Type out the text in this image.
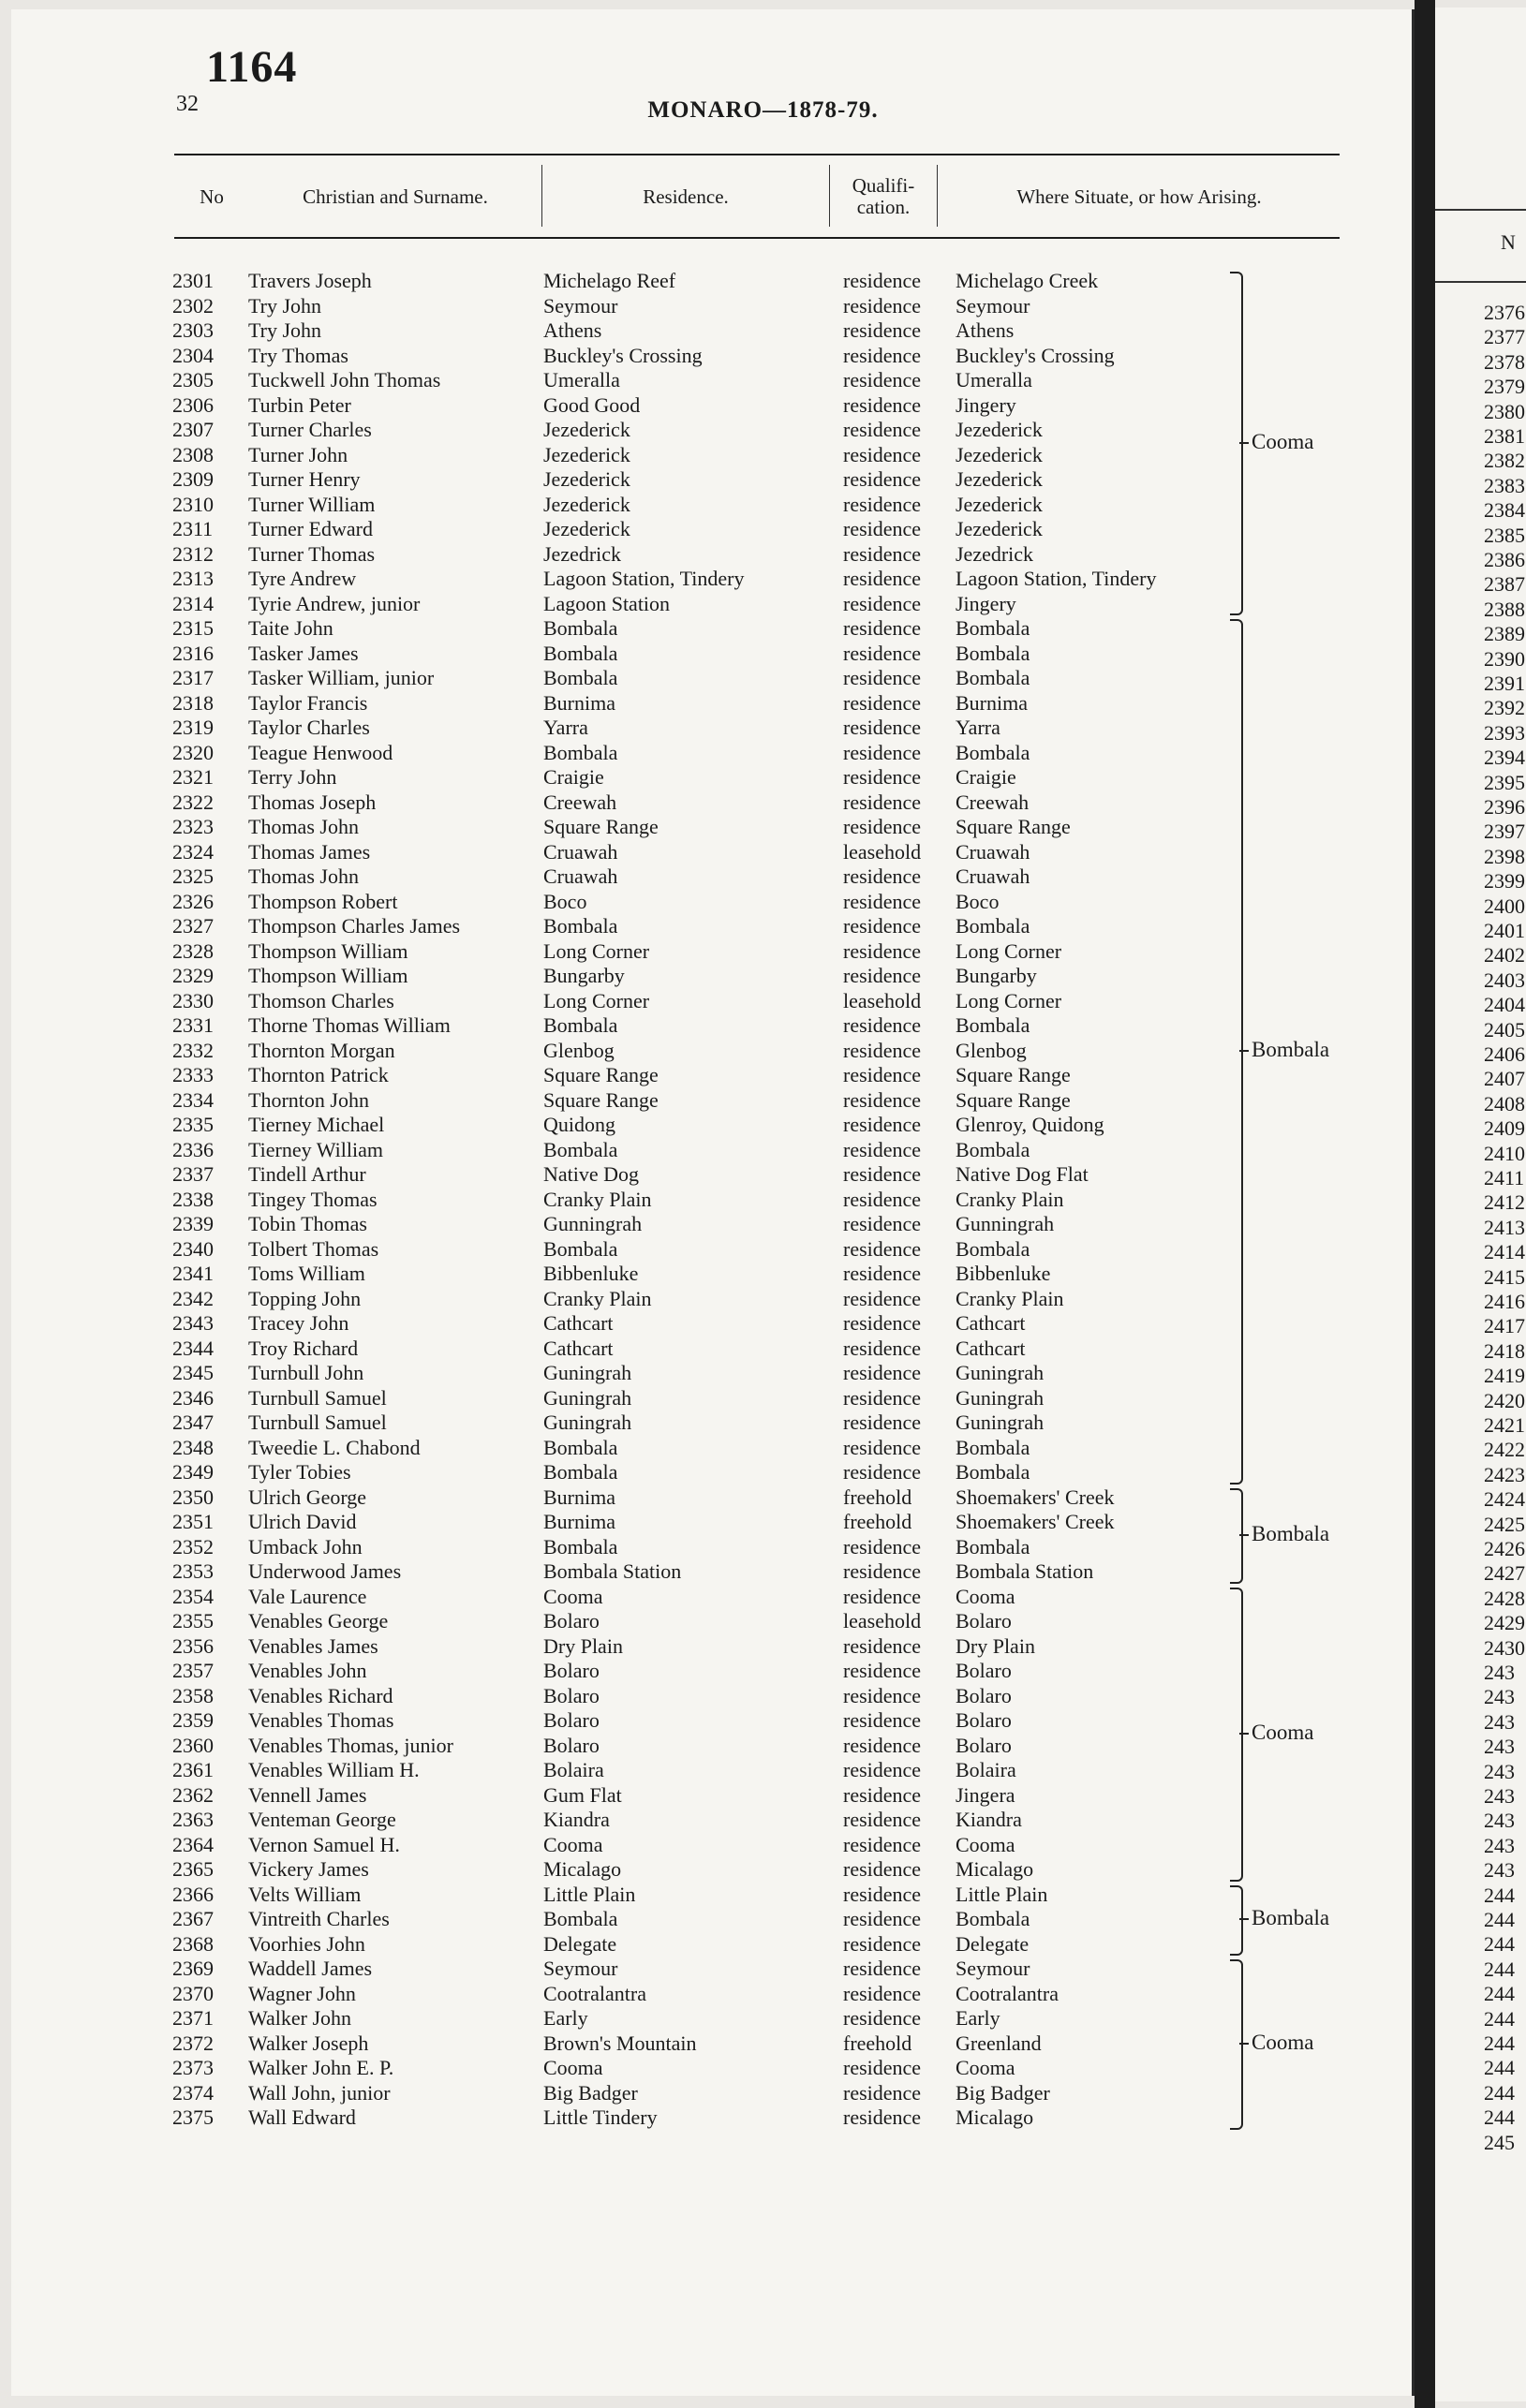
1164
32	MONARO—1878-79.
No	Christian and Surname.	Residence.	Qualifi-
cation.	Where Situate, or how Arising.
2301 Travers Joseph	Michelago Reef	residence Michelago Creek
2302 Try John	Seymour	residence Seymour
2303 Try John	Athens	residence Athens
2304 Try Thomas	Buckley's Crossing	residence Buckley's Crossing
2305 Tuckwell John Thomas	Umeralla	residence Umeralla
2306 Turbin Peter	Good Good	residence Jingery
2307 Turner Charles	Jezederick	residence Jezederick
2308 Turner John	Jezederick	residence Jezederick
2309 Turner Henry	Jezederick	residence Jezederick
2310 Turner William	Jezederick	residence Jezederick
2311 Turner Edward	Jezederick	residence Jezederick
2312 Turner Thomas	Jezedrick	residence Jezedrick
2313 Tyre Andrew	Lagoon Station, Tindery	residence Lagoon Station, Tindery
2314 Tyrie Andrew, junior	Lagoon Station	residence Jingery
2315 Taite John	Bombala	residence Bombala
2316 Tasker James	Bombala	residence Bombala
2317 Tasker William, junior	Bombala	residence Bombala
2318 Taylor Francis	Burnima	residence Burnima
2319 Taylor Charles	Yarra	residence Yarra
2320 Teague Henwood	Bombala	residence Bombala
2321 Terry John	Craigie	residence Craigie
2322 Thomas Joseph	Creewah	residence Creewah
2323 Thomas John	Square Range	residence Square Range
2324 Thomas James	Cruawah	leasehold Cruawah
2325 Thomas John	Cruawah	residence Cruawah
2326 Thompson Robert	Boco	residence Boco
2327 Thompson Charles James	Bombala	residence Bombala
2328 Thompson William	Long Corner	residence Long Corner
2329 Thompson William	Bungarby	residence Bungarby
2330 Thomson Charles	Long Corner	leasehold Long Corner
2331 Thorne Thomas William	Bombala	residence Bombala
2332 Thornton Morgan	Glenbog	residence Glenbog
2333 Thornton Patrick	Square Range	residence Square Range
2334 Thornton John	Square Range	residence Square Range
2335 Tierney Michael	Quidong	residence Glenroy, Quidong
2336 Tierney William	Bombala	residence Bombala
2337 Tindell Arthur	Native Dog	residence Native Dog Flat
2338 Tingey Thomas	Cranky Plain	residence Cranky Plain
2339 Tobin Thomas	Gunningrah	residence Gunningrah
2340 Tolbert Thomas	Bombala	residence Bombala
2341 Toms William	Bibbenluke	residence Bibbenluke
2342 Topping John	Cranky Plain	residence Cranky Plain
2343 Tracey John	Cathcart	residence Cathcart
2344 Troy Richard	Cathcart	residence Cathcart
2345 Turnbull John	Guningrah	residence Guningrah
2346 Turnbull Samuel	Guningrah	residence Guningrah
2347 Turnbull Samuel	Guningrah	residence Guningrah
2348 Tweedie L. Chabond	Bombala	residence Bombala
2349 Tyler Tobies	Bombala	residence Bombala
2350 Ulrich George	Burnima	freehold Shoemakers' Creek
2351 Ulrich David	Burnima	freehold Shoemakers' Creek
2352 Umback John	Bombala	residence Bombala
2353 Underwood James	Bombala Station	residence Bombala Station
2354 Vale Laurence	Cooma	residence Cooma
2355 Venables George	Bolaro	leasehold Bolaro
2356 Venables James	Dry Plain	residence Dry Plain
2357 Venables John	Bolaro	residence Bolaro
2358 Venables Richard	Bolaro	residence Bolaro
2359 Venables Thomas	Bolaro	residence Bolaro
2360 Venables Thomas, junior	Bolaro	residence Bolaro
2361 Venables William H.	Bolaira	residence Bolaira
2362 Vennell James	Gum Flat	residence Jingera
2363 Venteman George	Kiandra	residence Kiandra
2364 Vernon Samuel H.	Cooma	residence Cooma
2365 Vickery James	Micalago	residence Micalago
2366 Velts William	Little Plain	residence Little Plain
2367 Vintreith Charles	Bombala	residence Bombala
2368 Voorhies John	Delegate	residence Delegate
2369 Waddell James	Seymour	residence Seymour
2370 Wagner John	Cootralantra	residence Cootralantra
2371 Walker John	Early	residence Early
2372 Walker Joseph	Brown's Mountain	freehold Greenland
2373 Walker John E. P.	Cooma	residence Cooma
2374 Wall John, junior	Big Badger	residence Big Badger
2375 Wall Edward	Little Tindery	residence Micalago
Cooma
Bombala
Bombala
Cooma
Bombala
Cooma
N
2376
2377
2378
2379
2380
2381
2382
2383
2384
2385
2386
2387
2388
2389
2390
2391
2392
2393
2394
2395
2396
2397
2398
2399
2400
2401
2402
2403
2404
2405
2406
2407
2408
2409
2410
2411
2412
2413
2414
2415
2416
2417
2418
2419
2420
2421
2422
2423
2424
2425
2426
2427
2428
2429
2430
243
243
243
243
243
243
243
243
243
244
244
244
244
244
244
244
244
244
244
245
